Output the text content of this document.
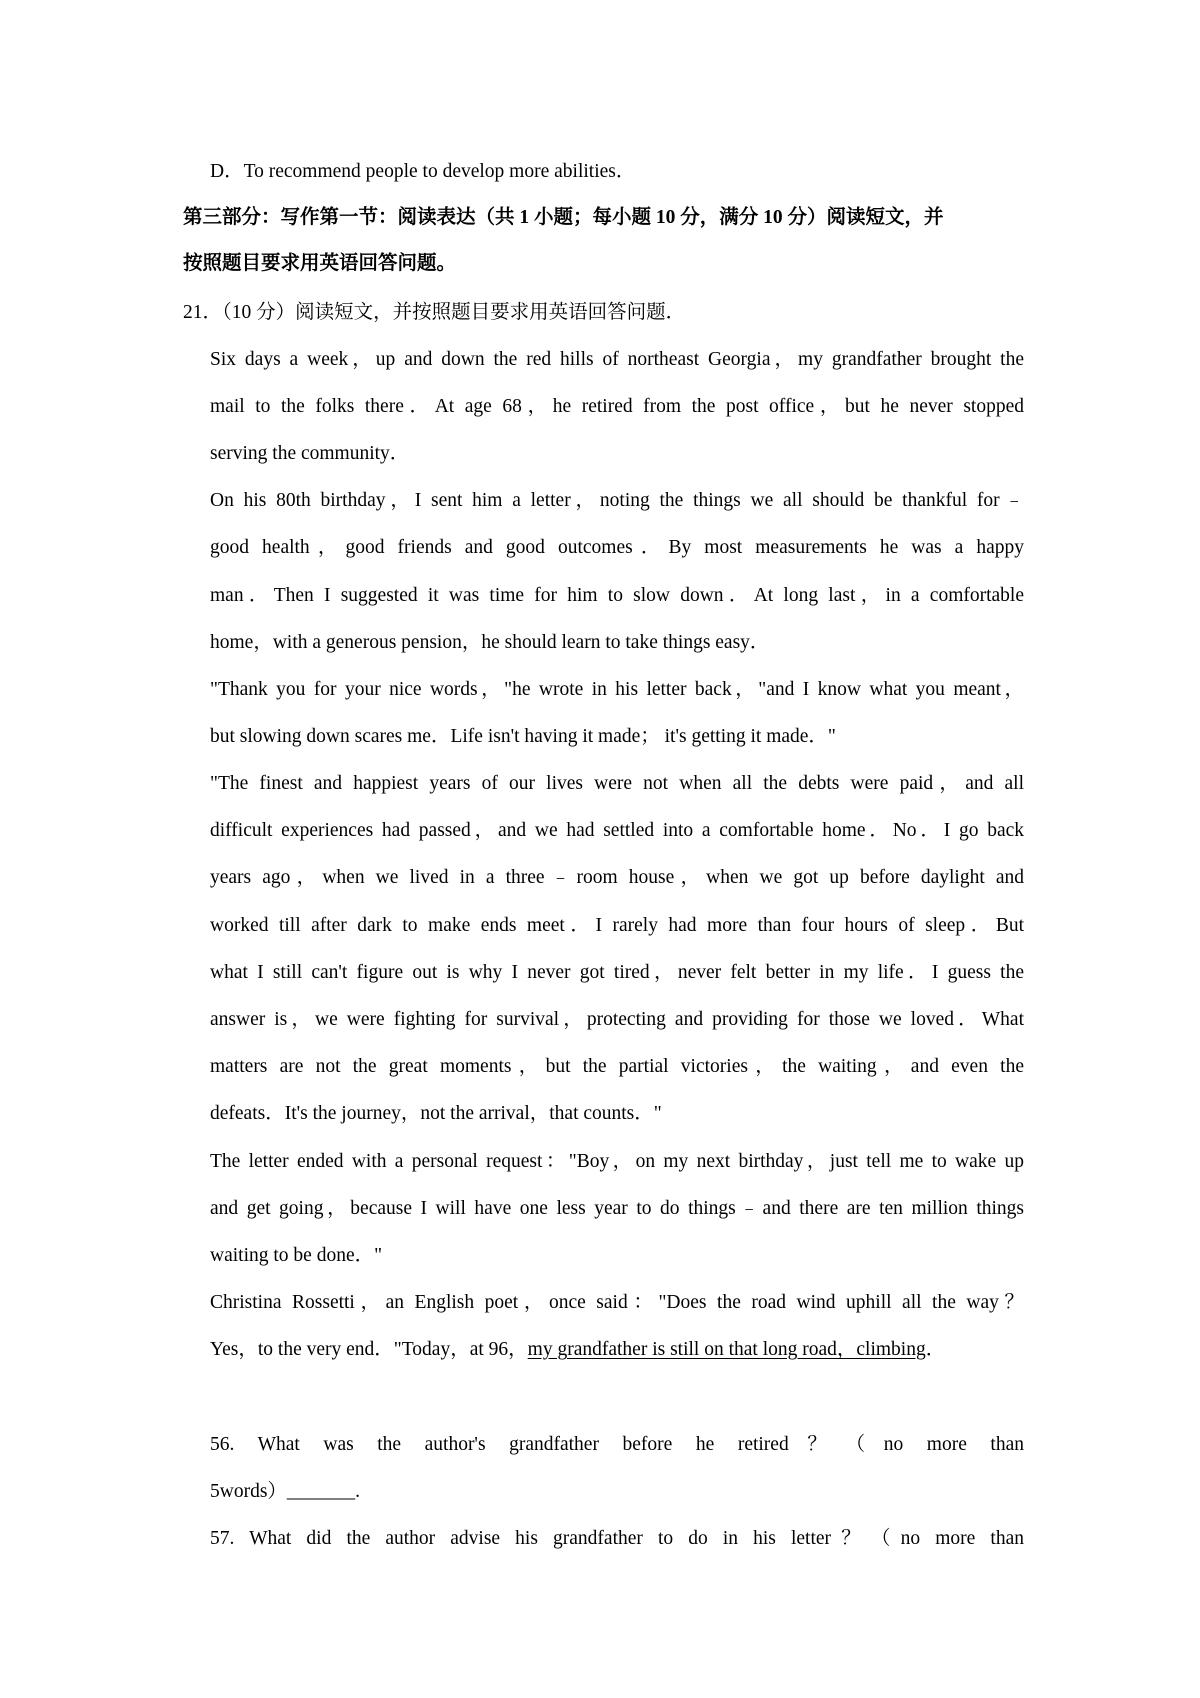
D．To recommend people to develop more abilities．
第三部分：写作第一节：阅读表达（共 1 小题；每小题 10 分，满分 10 分）阅读短文，并
按照题目要求用英语回答问题。
21．（10 分）阅读短文，并按照题目要求用英语回答问题．
Six days a week，up and down the red hills of northeast Georgia，my grandfather brought the
mail to the folks there．At age 68，he retired from the post office，but he never stopped
serving the community．
On his 80th birthday，I sent him a letter，noting the things we all should be thankful for﹣
good health，good friends and good outcomes．By most measurements he was a happy
man．Then I suggested it was time for him to slow down．At long last，in a comfortable
home，with a generous pension，he should learn to take things easy．
"Thank you for your nice words，"he wrote in his letter back，"and I know what you meant，
but slowing down scares me．Life isn't having it made； it's getting it made．"
"The finest and happiest years of our lives were not when all the debts were paid，and all
difficult experiences had passed，and we had settled into a comfortable home．No．I go back
years ago，when we lived in a three﹣room house，when we got up before daylight and
worked till after dark to make ends meet．I rarely had more than four hours of sleep．But
what I still can't figure out is why I never got tired，never felt better in my life．I guess the
answer is，we were fighting for survival，protecting and providing for those we loved．What
matters are not the great moments，but the partial victories，the waiting，and even the
defeats．It's the journey，not the arrival，that counts．"
The letter ended with a personal request："Boy，on my next birthday，just tell me to wake up
and get going，because I will have one less year to do things﹣and there are ten million things
waiting to be done．"
Christina Rossetti，an English poet，once said："Does the road wind uphill all the way？
Yes，to the very end．"Today，at 96，my grandfather is still on that long road，climbing．
56. What was the author's grandfather before he retired？（no more than
5words）_______.
57. What did the author advise his grandfather to do in his letter？（no more than
